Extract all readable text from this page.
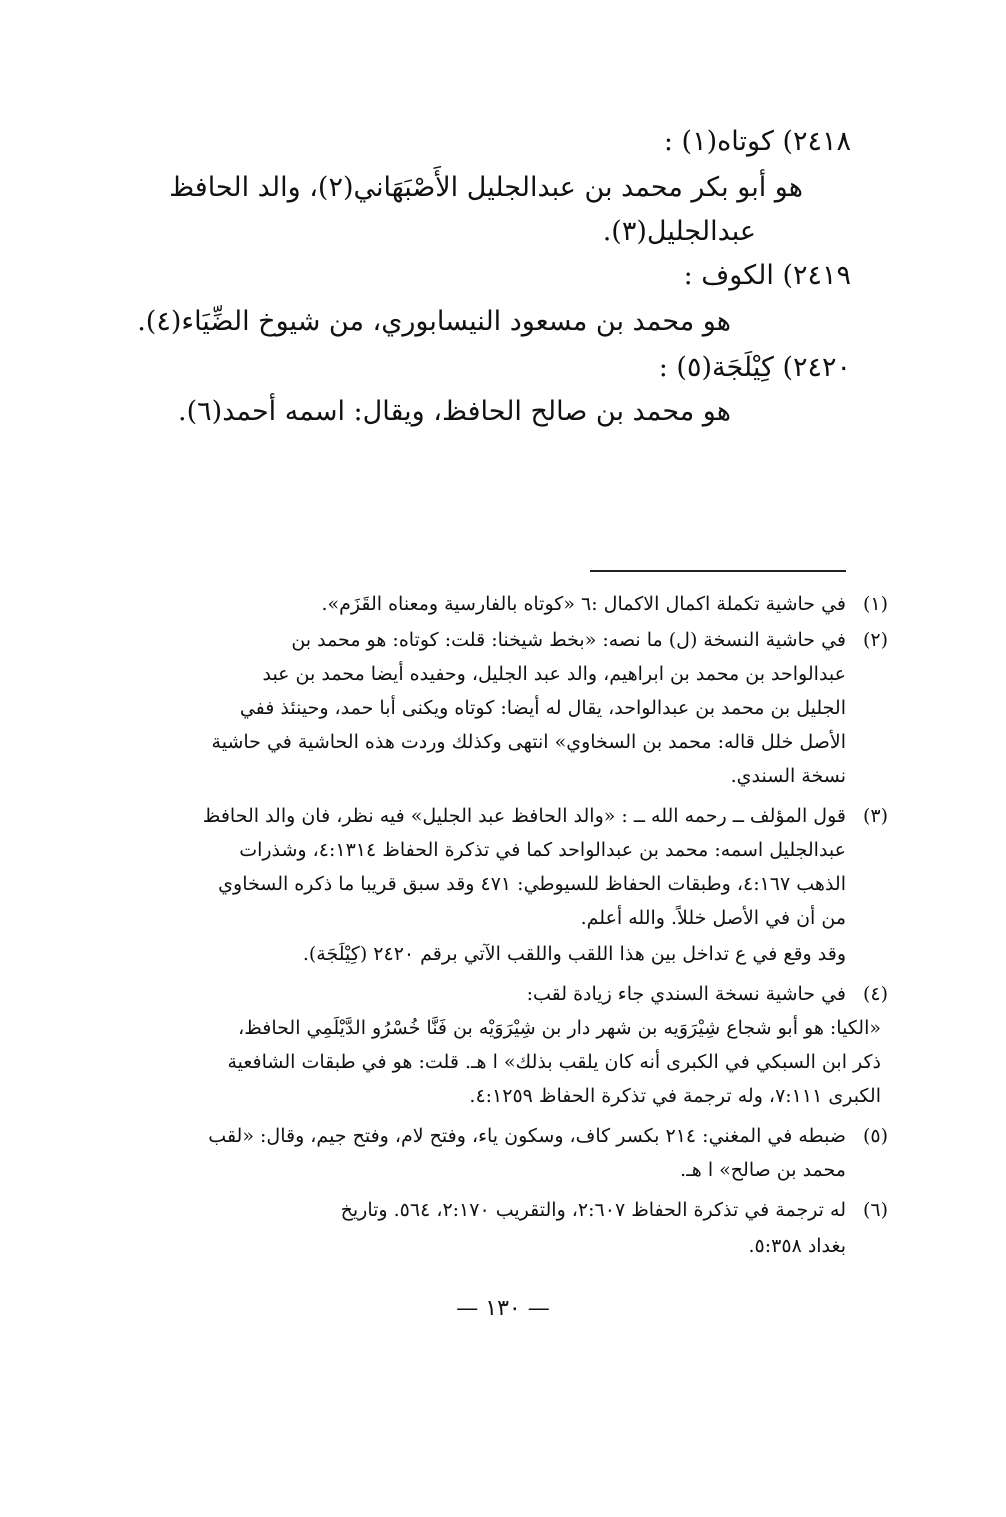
٢٤١٨) كوتاه(١) :
هو أبو بكر محمد بن عبدالجليل الأَصْبَهَاني(٢)، والد الحافظ
عبدالجليل(٣).
٢٤١٩) الكوف :
هو محمد بن مسعود النيسابوري، من شيوخ الضِّيَاء(٤).
٢٤٢٠) كِيْلَجَة(٥) :
هو محمد بن صالح الحافظ، ويقال: اسمه أحمد(٦).
(١)
في حاشية تكملة اكمال الاكمال :٦ «كوتاه بالفارسية ومعناه القَزَم».
(٢)
في حاشية النسخة (ل) ما نصه: «بخط شيخنا: قلت: كوتاه: هو محمد بن
عبدالواحد بن محمد بن ابراهيم، والد عبد الجليل، وحفيده أيضا محمد بن عبد
الجليل بن محمد بن عبدالواحد، يقال له أيضا: كوتاه ويكنى أبا حمد، وحينئذ ففي
الأصل خلل قاله: محمد بن السخاوي» انتهى وكذلك وردت هذه الحاشية في حاشية
نسخة السندي.
(٣)
قول المؤلف ــ رحمه الله ــ : «والد الحافظ عبد الجليل» فيه نظر، فان والد الحافظ
عبدالجليل اسمه: محمد بن عبدالواحد كما في تذكرة الحفاظ ٤:١٣١٤، وشذرات
الذهب ٤:١٦٧، وطبقات الحفاظ للسيوطي: ٤٧١ وقد سبق قريبا ما ذكره السخاوي
من أن في الأصل خللاً. والله أعلم.
وقد وقع في ع تداخل بين هذا اللقب واللقب الآتي برقم ٢٤٢٠ (كِيْلَجَة).
(٤)
في حاشية نسخة السندي جاء زيادة لقب:
«الكيا: هو أبو شجاع شِيْرَوَيه بن شهر دار بن شِيْرَوَيْه بن فَنَّا خُسْرُو الدَّيْلَمِي الحافظ،
ذكر ابن السبكي في الكبرى أنه كان يلقب بذلك» ا هـ. قلت: هو في طبقات الشافعية
الكبرى ٧:١١١، وله ترجمة في تذكرة الحفاظ ٤:١٢٥٩.
(٥)
ضبطه في المغني: ٢١٤ بكسر كاف، وسكون ياء، وفتح لام، وفتح جيم، وقال: «لقب
محمد بن صالح» ا هـ.
(٦)
له ترجمة في تذكرة الحفاظ ٢:٦٠٧، والتقريب ٢:١٧٠، ٥٦٤. وتاريخ
بغداد ٥:٣٥٨.
— ١٣٠ —
